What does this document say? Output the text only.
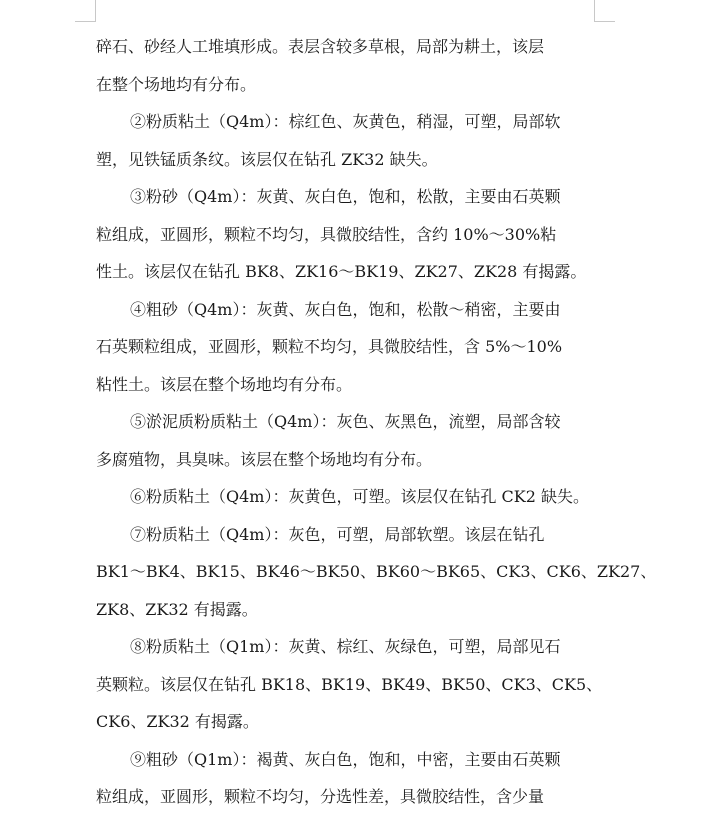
碎石、砂经人工堆填形成。表层含较多草根，局部为耕土，该层
在整个场地均有分布。
②粉质粘土（Q4m）：棕红色、灰黄色，稍湿，可塑，局部软
塑，见铁锰质条纹。该层仅在钻孔 ZK32 缺失。
③粉砂（Q4m）：灰黄、灰白色，饱和，松散，主要由石英颗
粒组成，亚圆形，颗粒不均匀，具微胶结性，含约 10%～30%粘
性土。该层仅在钻孔 BK8、ZK16～BK19、ZK27、ZK28 有揭露。
④粗砂（Q4m）：灰黄、灰白色，饱和，松散～稍密，主要由
石英颗粒组成，亚圆形，颗粒不均匀，具微胶结性，含 5%～10%
粘性土。该层在整个场地均有分布。
⑤淤泥质粉质粘土（Q4m）：灰色、灰黑色，流塑，局部含较
多腐殖物，具臭味。该层在整个场地均有分布。
⑥粉质粘土（Q4m）：灰黄色，可塑。该层仅在钻孔 CK2 缺失。
⑦粉质粘土（Q4m）：灰色，可塑，局部软塑。该层在钻孔
BK1～BK4、BK15、BK46～BK50、BK60～BK65、CK3、CK6、ZK27、
ZK8、ZK32 有揭露。
⑧粉质粘土（Q1m）：灰黄、棕红、灰绿色，可塑，局部见石
英颗粒。该层仅在钻孔 BK18、BK19、BK49、BK50、CK3、CK5、
CK6、ZK32 有揭露。
⑨粗砂（Q1m）：褐黄、灰白色，饱和，中密，主要由石英颗
粒组成，亚圆形，颗粒不均匀，分选性差，具微胶结性，含少量
